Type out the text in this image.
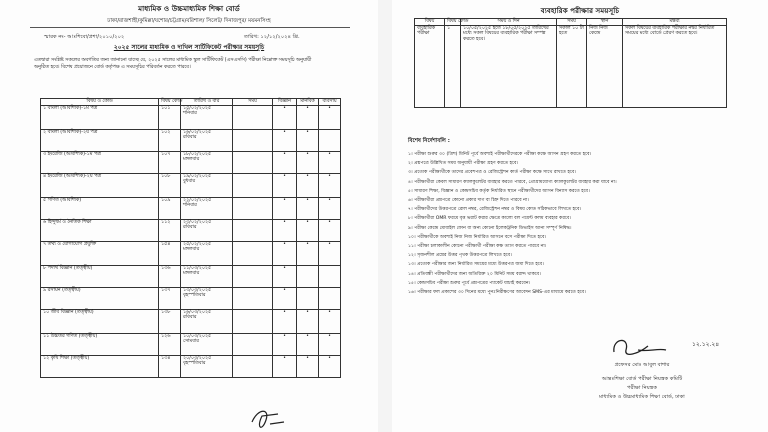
মাধ্যমিক ও উচ্চমাধ্যমিক শিক্ষা বোর্ড
ঢাকা/রাজশাহী/কুমিল্লা/যশোর/চট্টগ্রাম/বরিশাল/ সিলেট/ দিনাজপুর/ ময়মনসিংহ
স্মারক নং- আঃশিবো/প্রশা/২০১০/২০২	তারিখ: ১২/১২/২০২৪ খ্রি.
২০২৫ সালের মাধ্যমিক ও দাখিল সার্টিফিকেট পরীক্ষার সময়সূচি
এতদ্বারা সংশ্লিষ্ট সকলের অবগতির জন্য জানানো যাচ্ছে যে, ২০২৫ সালের মাধ্যমিক স্কুল সার্টিফিকেট (এসএসসি) পরীক্ষা নিম্নোক্ত সময়সূচি অনুযায়ী
অনুষ্ঠিত হবে। বিশেষ প্রয়োজনে বোর্ড কর্তৃপক্ষ এ সময়সূচির পরিবর্তন করতে পারবে।
বিষয় ও কোড	বিষয় কোড	তারিখ ও বার	সময়	বিজ্ঞান	মানবিক	ব্যবসায়
১ বাংলা (আবশ্যিক)-১ম পত্র	১০১	১৫/০২/২০২৫
শনিবার		•	•	•
২ বাংলা (আবশ্যিক)-২য় পত্র	১০২	১৬/০২/২০২৫
রবিবার		•	•	
৩ ইংরেজি (আবশ্যিক)-১ম পত্র	১০৭	১৮/০২/২০২৫
মঙ্গলবার		•	•	•
৪ ইংরেজি (আবশ্যিক)-২য় পত্র	১০৮	১৯/০২/২০২৫
বুধবার		•	•	•
৫ গণিত (আবশ্যিক)	১০৯	২২/০২/২০২৫
শনিবার		•	•	•
৬ হিন্দুধর্ম ও নৈতিক শিক্ষা	১১২	২৩/০২/২০২৫
রবিবার		•	•	•
৭ তথ্য ও যোগাযোগ প্রযুক্তি	১৫৪	২৫/০২/২০২৫
মঙ্গলবার		•	•	•
৮ পদার্থ বিজ্ঞান (তত্ত্বীয়)	১৩৬	১১/০৩/২০২৫
মঙ্গলবার		•		
৯ রসায়ন (তত্ত্বীয়)	১৩৭	১৩/০৩/২০২৫
বৃহস্পতিবার		•		
১০ জীব বিজ্ঞান (তত্ত্বীয়)	১৩৮	১৬/০৩/২০২৫
রবিবার		•	•	•
১১ উচ্চতর গণিত (তত্ত্বীয়)	১২৬	১০/০৩/২০২৫
সোমবার		•	•	•
১২ কৃষি শিক্ষা (তত্ত্বীয়)	১৩৪	২০/০৩/২০২৫
বৃহস্পতিবার		•	•	•
ব্যবহারিক পরীক্ষার সময়সূচি
বিষয়	বিষয় কোড	সময় ও দিন	সময়	স্থান	মন্তব্য
ব্যবহারিক পরীক্ষা	১	১০/০৫/২০২৫ হতে ১৮/০৫/২০২৫ তারিখের মধ্যে সকল বিষয়ের ব্যবহারিক পরীক্ষা সম্পন্ন করতে হবে।	সকাল ১০ টা হতে	নিজ নিজ কেন্দ্রে	সকল বিষয়ের ব্যবহারিক পরীক্ষার নম্বর নির্ধারিত সময়ের মধ্যে বোর্ডে প্রেরণ করতে হবে।
বিশেষ নির্দেশাবলি :
১। পরীক্ষা শুরুর ৩০ (ত্রিশ) মিনিট পূর্বে অবশ্যই পরীক্ষার্থীদেরকে পরীক্ষা কক্ষে আসন গ্রহণ করতে হবে।
২। প্রশ্নপত্রে উল্লিখিত সময় অনুযায়ী পরীক্ষা গ্রহণ করতে হবে।
৩। প্রত্যেক পরীক্ষার্থীকে তাদের প্রবেশপত্র ও রেজিস্ট্রেশন কার্ড পরীক্ষা কক্ষে সাথে রাখতে হবে।
৪। পরীক্ষার্থীরা কেবল সাধারণ ক্যালকুলেটর ব্যবহার করতে পারবে, প্রোগ্রামযোগ্য ক্যালকুলেটর ব্যবহার করা যাবে না।
৫। সাধারণ শিক্ষা, বিজ্ঞান ও কেন্দ্রসচিব কর্তৃক নির্ধারিত স্থানে পরীক্ষার্থীদের আসন বিন্যাস করতে হবে।
৬। পরীক্ষার্থীরা প্রশ্নপত্রে কোনো প্রকার দাগ বা চিহ্ন দিতে পারবে না।
৭। পরীক্ষার্থীদের উত্তরপত্রে রোল নম্বর, রেজিস্ট্রেশন নম্বর ও বিষয় কোড সঠিকভাবে লিখতে হবে।
৮। পরীক্ষার্থীরা OMR ফরমে বৃত্ত ভরাট করার ক্ষেত্রে কালো বল পয়েন্ট কলম ব্যবহার করবে।
৯। পরীক্ষা কেন্দ্রে মোবাইল ফোন বা অন্য কোনো ইলেকট্রনিক ডিভাইস আনা সম্পূর্ণ নিষিদ্ধ।
১০। পরীক্ষার্থীকে অবশ্যই নিজ নিজ নির্ধারিত আসনে বসে পরীক্ষা দিতে হবে।
১১। পরীক্ষা চলাকালীন কোনো পরীক্ষার্থী পরীক্ষা কক্ষ ত্যাগ করতে পারবে না।
১২। সৃজনশীল প্রশ্নের উত্তর পৃথক উত্তরপত্রে লিখতে হবে।
১৩। প্রত্যেক পরীক্ষার জন্য নির্ধারিত সময়ের মধ্যে উত্তরপত্র জমা দিতে হবে।
১৪। প্রতিবন্ধী পরীক্ষার্থীদের জন্য অতিরিক্ত ২০ মিনিট সময় বরাদ্দ থাকবে।
১৫। কেন্দ্রসচিব পরীক্ষা শুরুর পূর্বে প্রশ্নপত্রের প্যাকেট যাচাই করবেন।
১৬। পরীক্ষার ফল প্রকাশের ৩০ দিনের মধ্যে পুনঃনিরীক্ষণের আবেদন SMS-এর মাধ্যমে করতে হবে।
১২.১২.২৪
প্রফেসর মোঃ আবুল বাশার
আন্তঃশিক্ষা বোর্ড পরীক্ষা নিয়ন্ত্রক কমিটি
পরীক্ষা নিয়ন্ত্রক
মাধ্যমিক ও উচ্চমাধ্যমিক শিক্ষা বোর্ড, ঢাকা
